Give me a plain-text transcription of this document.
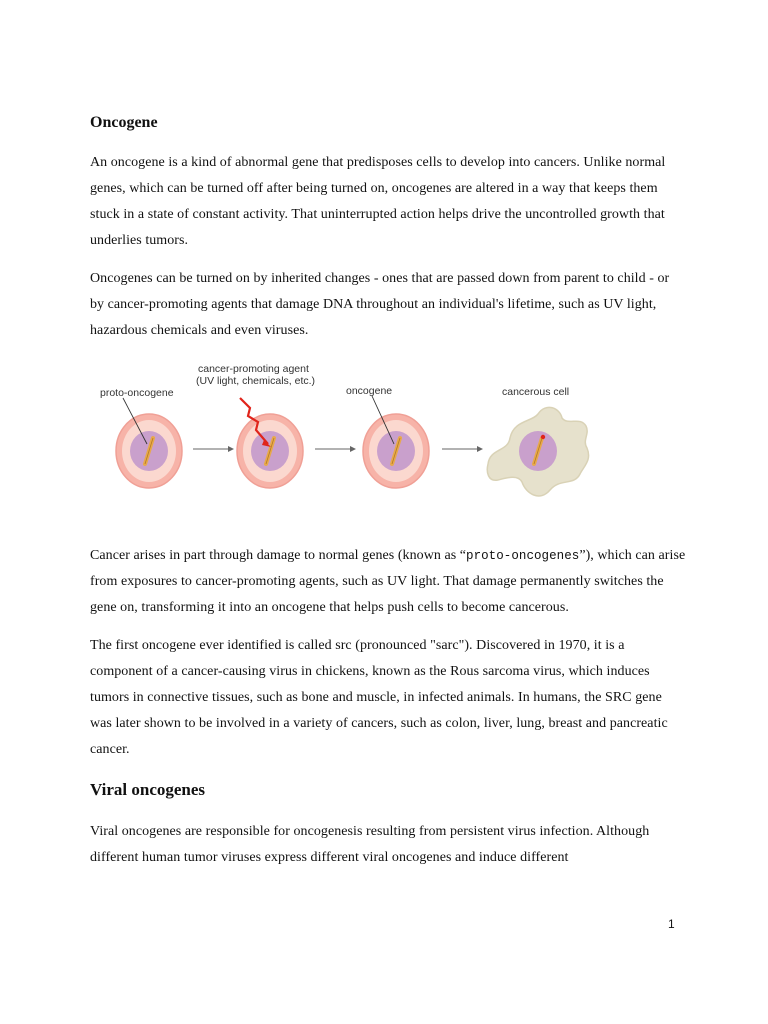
Oncogene

An oncogene is a kind of abnormal gene that predisposes cells to develop into cancers. Unlike normal genes, which can be turned off after being turned on, oncogenes are altered in a way that keeps them stuck in a state of constant activity. That uninterrupted action helps drive the uncontrolled growth that underlies tumors.

Oncogenes can be turned on by inherited changes - ones that are passed down from parent to child - or by cancer-promoting agents that damage DNA throughout an individual's lifetime, such as UV light, hazardous chemicals and even viruses.

proto-oncogene
cancer-promoting agent
(UV light, chemicals, etc.)
oncogene	cancerous cell

Cancer arises in part through damage to normal genes (known as “proto-oncogenes”), which can arise from exposures to cancer-promoting agents, such as UV light. That damage permanently switches the gene on, transforming it into an oncogene that helps push cells to become cancerous.

The first oncogene ever identified is called src (pronounced "sarc"). Discovered in 1970, it is a component of a cancer-causing virus in chickens, known as the Rous sarcoma virus, which induces tumors in connective tissues, such as bone and muscle, in infected animals. In humans, the SRC gene was later shown to be involved in a variety of cancers, such as colon, liver, lung, breast and pancreatic cancer.

Viral oncogenes

Viral oncogenes are responsible for oncogenesis resulting from persistent virus infection. Although different human tumor viruses express different viral oncogenes and induce different

1
